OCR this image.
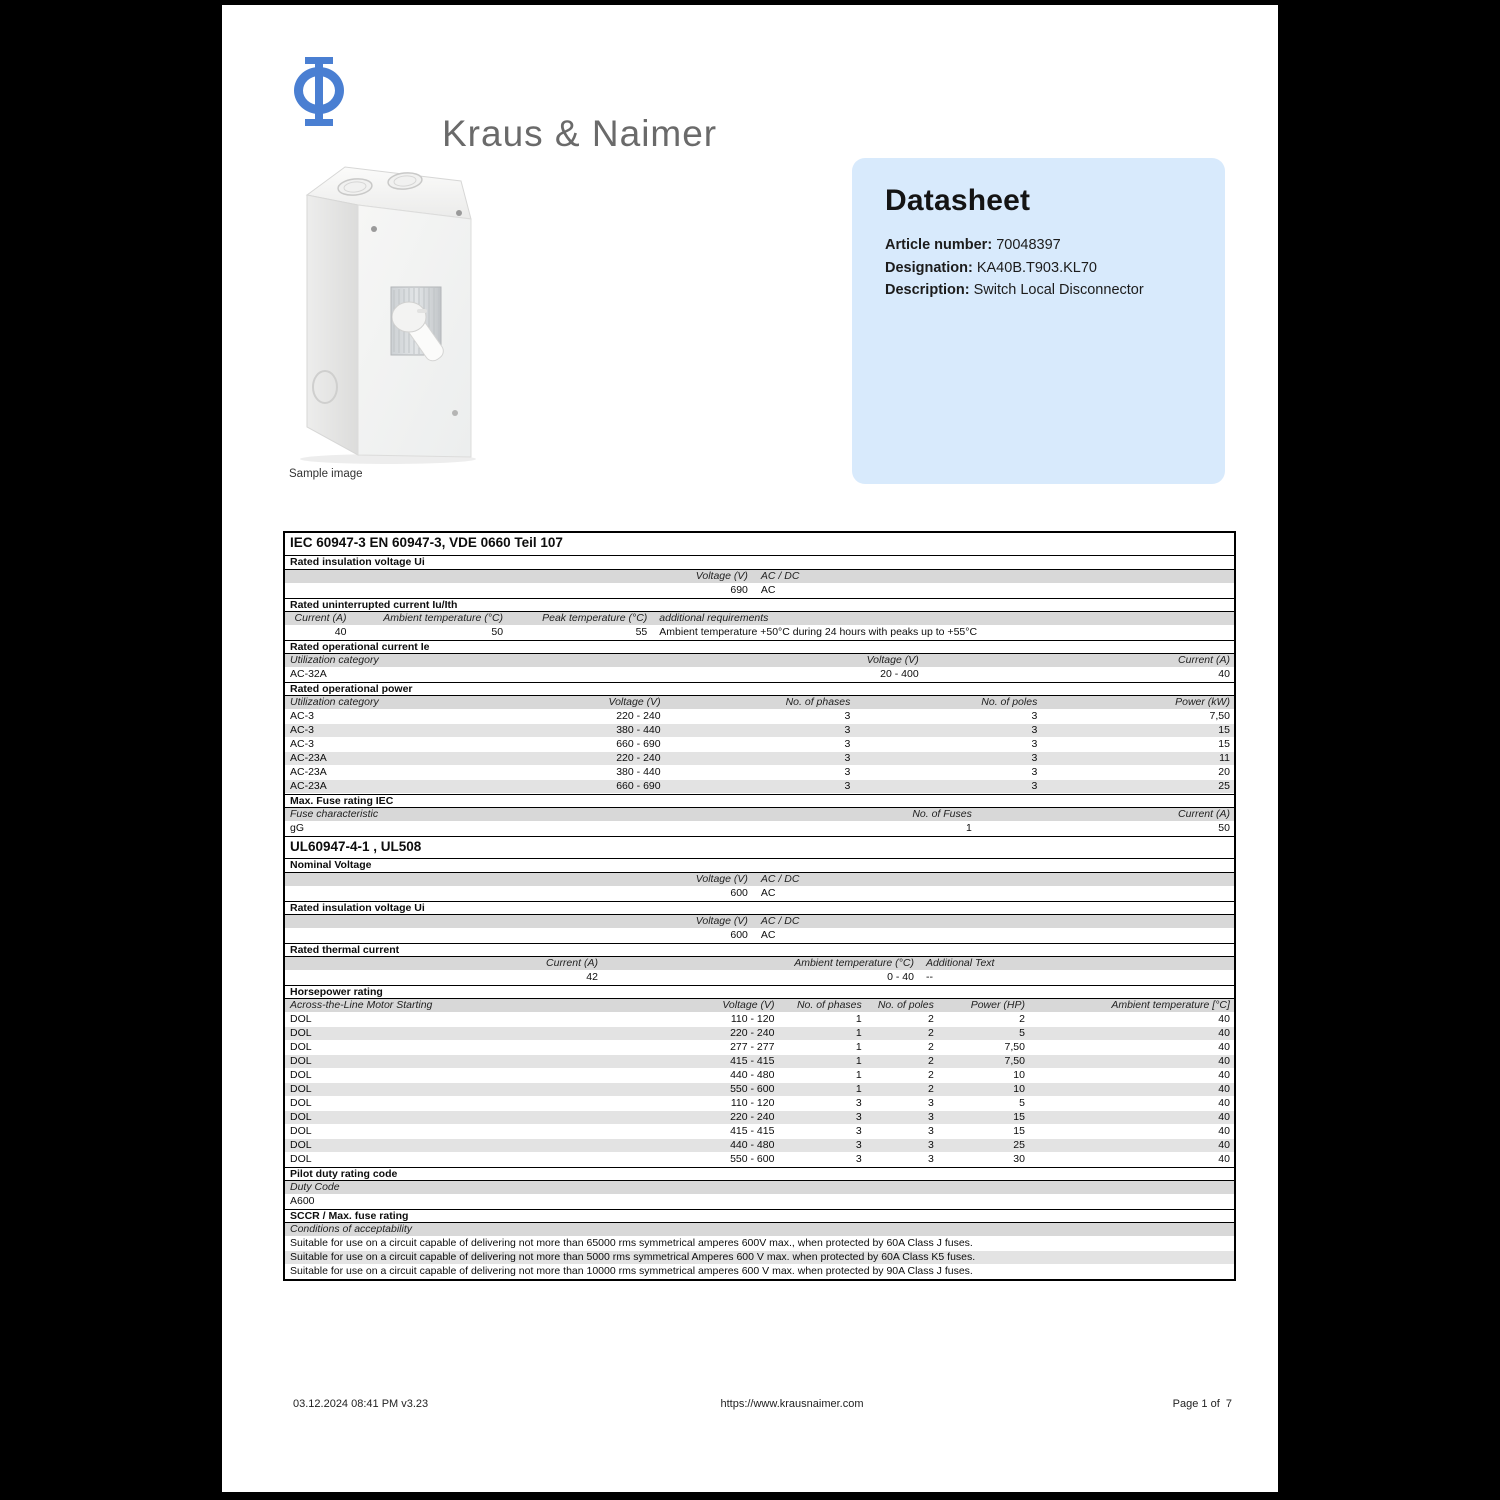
Kraus & Naimer
Sample image
Datasheet
Article number: 70048397
Designation: KA40B.T903.KL70
Description: Switch Local Disconnector
IEC 60947-3 EN 60947-3, VDE 0660 Teil 107
Rated insulation voltage Ui
Voltage (V)	AC / DC
690	AC
Rated uninterrupted current Iu/Ith
Current (A)	Ambient temperature (°C)	Peak temperature (°C)	additional requirements
40	50	55	Ambient temperature +50°C during 24 hours with peaks up to +55°C
Rated operational current Ie
Utilization category	Voltage (V)	Current (A)
AC-32A	20 - 400	40
Rated operational power
Utilization category	Voltage (V)	No. of phases	No. of poles	Power (kW)
AC-3	220 - 240	3	3	7,50
AC-3	380 - 440	3	3	15
AC-3	660 - 690	3	3	15
AC-23A	220 - 240	3	3	11
AC-23A	380 - 440	3	3	20
AC-23A	660 - 690	3	3	25
Max. Fuse rating IEC
Fuse characteristic	No. of Fuses	Current (A)
gG	1	50
UL60947-4-1 , UL508
Nominal Voltage
Voltage (V)	AC / DC
600	AC
Rated insulation voltage Ui
Voltage (V)	AC / DC
600	AC
Rated thermal current
Current (A)	Ambient temperature (°C)	Additional Text
42	0 - 40	--
Horsepower rating
Across-the-Line Motor Starting	Voltage (V)	No. of phases	No. of poles	Power (HP)	Ambient temperature [°C]
DOL	110 - 120	1	2	2	40
DOL	220 - 240	1	2	5	40
DOL	277 - 277	1	2	7,50	40
DOL	415 - 415	1	2	7,50	40
DOL	440 - 480	1	2	10	40
DOL	550 - 600	1	2	10	40
DOL	110 - 120	3	3	5	40
DOL	220 - 240	3	3	15	40
DOL	415 - 415	3	3	15	40
DOL	440 - 480	3	3	25	40
DOL	550 - 600	3	3	30	40
Pilot duty rating code
Duty Code
A600
SCCR / Max. fuse rating
Conditions of acceptability
Suitable for use on a circuit capable of delivering not more than 65000 rms symmetrical amperes 600V max., when protected by 60A Class J fuses.
Suitable for use on a circuit capable of delivering not more than 5000 rms symmetrical Amperes 600 V max. when protected by 60A Class K5 fuses.
Suitable for use on a circuit capable of delivering not more than 10000 rms symmetrical amperes 600 V max. when protected by 90A Class J fuses.
03.12.2024 08:41 PM v3.23	https://www.krausnaimer.com	Page 1 of  7
